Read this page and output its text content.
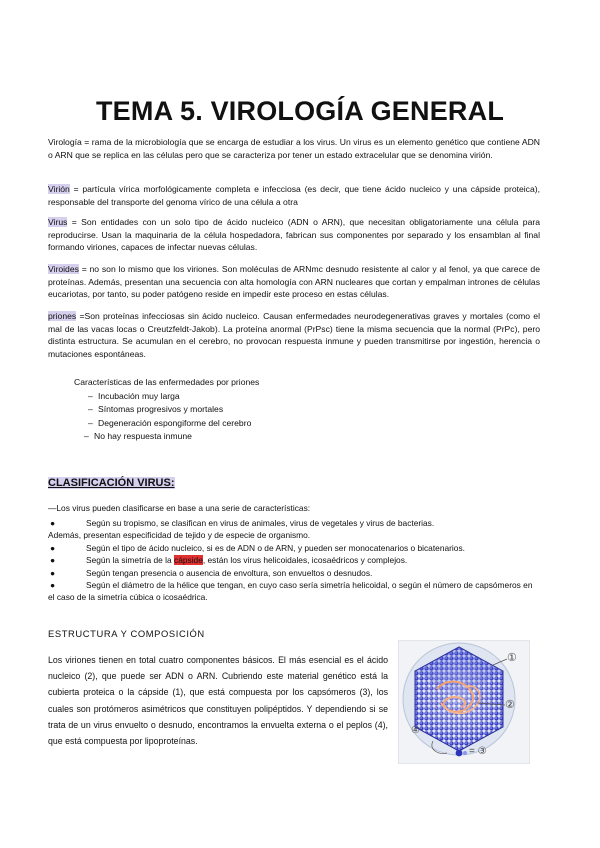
TEMA 5. VIROLOGÍA GENERAL
Virología = rama de la microbiología que se encarga de estudiar a los virus. Un virus es un elemento genético que contiene ADN o ARN que se replica en las células pero que se caracteriza por tener un estado extracelular que se denomina virión.
Virión = partícula vírica morfológicamente completa e infecciosa (es decir, que tiene ácido nucleico y una cápside proteica), responsable del transporte del genoma vírico de una célula a otra
Virus = Son entidades con un solo tipo de ácido nucleico (ADN o ARN), que necesitan obligatoriamente una célula para reproducirse. Usan la maquinaria de la célula hospedadora, fabrican sus componentes por separado y los ensamblan al final formando viriones, capaces de infectar nuevas células.
Viroides = no son lo mismo que los viriones. Son moléculas de ARNmc desnudo resistente al calor y al fenol, ya que carece de proteínas. Además, presentan una secuencia con alta homología con ARN nucleares que cortan y empalman intrones de células eucariotas, por tanto, su poder patógeno reside en impedir este proceso en estas células.
priones =Son proteínas infecciosas sin ácido nucleico. Causan enfermedades neurodegenerativas graves y mortales (como el mal de las vacas locas o Creutzfeldt-Jakob). La proteína anormal (PrPsc) tiene la misma secuencia que la normal (PrPc), pero distinta estructura. Se acumulan en el cerebro, no provocan respuesta inmune y pueden transmitirse por ingestión, herencia o mutaciones espontáneas.
Características de las enfermedades por priones
– Incubación muy larga
– Síntomas progresivos y mortales
– Degeneración espongiforme del cerebro
– No hay respuesta inmune
CLASIFICACIÓN VIRUS:
—Los virus pueden clasificarse en base a una serie de características:
●	Según su tropismo, se clasifican en virus de animales, virus de vegetales y virus de bacterias.
Además, presentan especificidad de tejido y de especie de organismo.
●	Según el tipo de ácido nucleico, si es de ADN o de ARN, y pueden ser monocatenarios o bicatenarios.
●	Según la simetría de la cápside, están los virus helicoidales, icosaédricos y complejos.
●	Según tengan presencia o ausencia de envoltura, son envueltos o desnudos.
●	Según el diámetro de la hélice que tengan, en cuyo caso sería simetría helicoidal, o según el número de capsómeros en el caso de la simetría cúbica o icosaédrica.
ESTRUCTURA Y COMPOSICIÓN
Los viriones tienen en total cuatro componentes básicos. El más esencial es el ácido nucleico (2), que puede ser ADN o ARN. Cubriendo este material genético está la cubierta proteica o la cápside (1), que está compuesta por los capsómeros (3), los cuales son protómeros asimétricos que constituyen polipéptidos. Y dependiendo si se trata de un virus envuelto o desnudo, encontramos la envuelta externa o el peplos (4), que está compuesta por lipoproteínas.
①
②
④
= ③
